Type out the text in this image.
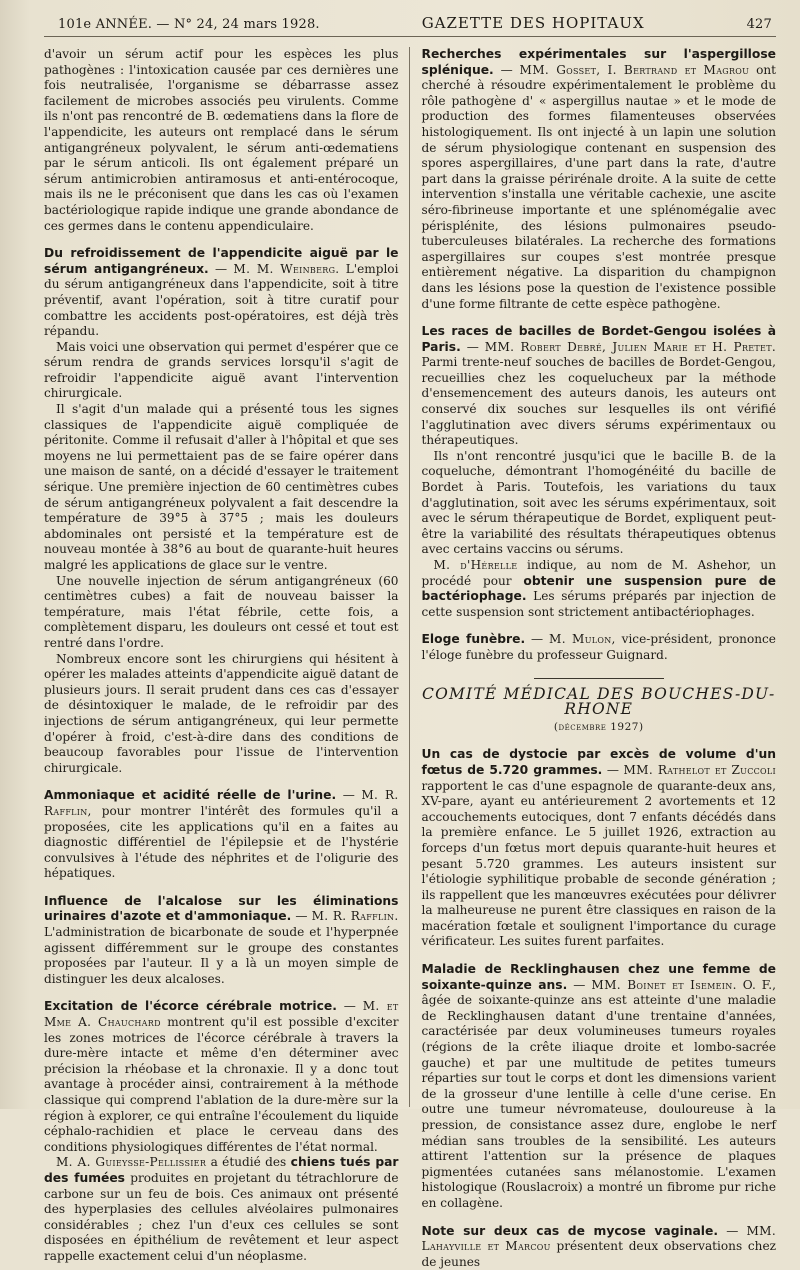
101e ANNÉE. — N° 24, 24 mars 1928.	GAZETTE DES HOPITAUX	427

d'avoir un sérum actif pour les espèces les plus pathogènes : l'intoxication causée par ces dernières une fois neutralisée, l'organisme se débarrasse assez facilement de microbes associés peu virulents. Comme ils n'ont pas rencontré de B. œdematiens dans la flore de l'appendicite, les auteurs ont remplacé dans le sérum antigangréneux polyvalent, le sérum anti-œdematiens par le sérum anticoli. Ils ont également préparé un sérum antimicrobien antiramosus et anti-entérocoque, mais ils ne le préconisent que dans les cas où l'examen bactériologique rapide indique une grande abondance de ces germes dans le contenu appendiculaire.

Du refroidissement de l'appendicite aiguë par le sérum antigangréneux. — M. M. Weinberg. L'emploi du sérum antigangréneux dans l'appendicite, soit à titre préventif, avant l'opération, soit à titre curatif pour combattre les accidents post-opératoires, est déjà très répandu.

Mais voici une observation qui permet d'espérer que ce sérum rendra de grands services lorsqu'il s'agit de refroidir l'appendicite aiguë avant l'intervention chirurgicale.

Il s'agit d'un malade qui a présenté tous les signes classiques de l'appendicite aiguë compliquée de péritonite. Comme il refusait d'aller à l'hôpital et que ses moyens ne lui permettaient pas de se faire opérer dans une maison de santé, on a décidé d'essayer le traitement sérique. Une première injection de 60 centimètres cubes de sérum antigangréneux polyvalent a fait descendre la température de 39°5 à 37°5 ; mais les douleurs abdominales ont persisté et la température est de nouveau montée à 38°6 au bout de quarante-huit heures malgré les applications de glace sur le ventre.

Une nouvelle injection de sérum antigangréneux (60 centimètres cubes) a fait de nouveau baisser la température, mais l'état fébrile, cette fois, a complètement disparu, les douleurs ont cessé et tout est rentré dans l'ordre.

Nombreux encore sont les chirurgiens qui hésitent à opérer les malades atteints d'appendicite aiguë datant de plusieurs jours. Il serait prudent dans ces cas d'essayer de désintoxiquer le malade, de le refroidir par des injections de sérum antigangréneux, qui leur permette d'opérer à froid, c'est-à-dire dans des conditions de beaucoup favorables pour l'issue de l'intervention chirurgicale.

Ammoniaque et acidité réelle de l'urine. — M. R. Rafflin, pour montrer l'intérêt des formules qu'il a proposées, cite les applications qu'il en a faites au diagnostic différentiel de l'épilepsie et de l'hystérie convulsives à l'étude des néphrites et de l'oligurie des hépatiques.

Influence de l'alcalose sur les éliminations urinaires d'azote et d'ammoniaque. — M. R. Rafflin. L'administration de bicarbonate de soude et l'hyperpnée agissent différemment sur le groupe des constantes proposées par l'auteur. Il y a là un moyen simple de distinguer les deux alcaloses.

Excitation de l'écorce cérébrale motrice. — M. et Mme A. Chauchard montrent qu'il est possible d'exciter les zones motrices de l'écorce cérébrale à travers la dure-mère intacte et même d'en déterminer avec précision la rhéobase et la chronaxie. Il y a donc tout avantage à procéder ainsi, contrairement à la méthode classique qui comprend l'ablation de la dure-mère sur la région à explorer, ce qui entraîne l'écoulement du liquide céphalo-rachidien et place le cerveau dans des conditions physiologiques différentes de l'état normal.

M. A. Guieysse-Pellissier a étudié des chiens tués par des fumées produites en projetant du tétrachlorure de carbone sur un feu de bois. Ces animaux ont présenté des hyperplasies des cellules alvéolaires pulmonaires considérables ; chez l'un d'eux ces cellules se sont disposées en épithélium de revêtement et leur aspect rappelle exactement celui d'un néoplasme.

Recherches expérimentales sur l'aspergillose splénique. — MM. Gosset, I. Bertrand et Magrou ont cherché à résoudre expérimentalement le problème du rôle pathogène d' « aspergillus nautae » et le mode de production des formes filamenteuses observées histologiquement. Ils ont injecté à un lapin une solution de sérum physiologique contenant en suspension des spores aspergillaires, d'une part dans la rate, d'autre part dans la graisse périrénale droite. A la suite de cette intervention s'installa une véritable cachexie, une ascite séro-fibrineuse importante et une splénomégalie avec périsplénite, des lésions pulmonaires pseudo-tuberculeuses bilatérales. La recherche des formations aspergillaires sur coupes s'est montrée presque entièrement négative. La disparition du champignon dans les lésions pose la question de l'existence possible d'une forme filtrante de cette espèce pathogène.

Les races de bacilles de Bordet-Gengou isolées à Paris. — MM. Robert Debré, Julien Marie et H. Pretet. Parmi trente-neuf souches de bacilles de Bordet-Gengou, recueillies chez les coquelucheux par la méthode d'ensemencement des auteurs danois, les auteurs ont conservé dix souches sur lesquelles ils ont vérifié l'agglutination avec divers sérums expérimentaux ou thérapeutiques.

Ils n'ont rencontré jusqu'ici que le bacille B. de la coqueluche, démontrant l'homogénéité du bacille de Bordet à Paris. Toutefois, les variations du taux d'agglutination, soit avec les sérums expérimentaux, soit avec le sérum thérapeutique de Bordet, expliquent peut-être la variabilité des résultats thérapeutiques obtenus avec certains vaccins ou sérums.

M. d'Hérelle indique, au nom de M. Ashehor, un procédé pour obtenir une suspension pure de bactériophage. Les sérums préparés par injection de cette suspension sont strictement antibactériophages.

Eloge funèbre. — M. Mulon, vice-président, prononce l'éloge funèbre du professeur Guignard.

COMITÉ MÉDICAL DES BOUCHES-DU-RHONE
(décembre 1927)

Un cas de dystocie par excès de volume d'un fœtus de 5.720 grammes. — MM. Rathelot et Zuccoli rapportent le cas d'une espagnole de quarante-deux ans, XV-pare, ayant eu antérieurement 2 avortements et 12 accouchements eutociques, dont 7 enfants décédés dans la première enfance. Le 5 juillet 1926, extraction au forceps d'un fœtus mort depuis quarante-huit heures et pesant 5.720 grammes. Les auteurs insistent sur l'étiologie syphilitique probable de seconde génération ; ils rappellent que les manœuvres exécutées pour délivrer la malheureuse ne purent être classiques en raison de la macération fœtale et soulignent l'importance du curage vérificateur. Les suites furent parfaites.

Maladie de Recklinghausen chez une femme de soixante-quinze ans. — MM. Boinet et Isemein. O. F., âgée de soixante-quinze ans est atteinte d'une maladie de Recklinghausen datant d'une trentaine d'années, caractérisée par deux volumineuses tumeurs royales (régions de la crête iliaque droite et lombo-sacrée gauche) et par une multitude de petites tumeurs réparties sur tout le corps et dont les dimensions varient de la grosseur d'une lentille à celle d'une cerise. En outre une tumeur névromateuse, douloureuse à la pression, de consistance assez dure, englobe le nerf médian sans troubles de la sensibilité. Les auteurs attirent l'attention sur la présence de plaques pigmentées cutanées sans mélanostomie. L'examen histologique (Rouslacroix) a montré un fibrome pur riche en collagène.

Note sur deux cas de mycose vaginale. — MM. Lahayville et Marcou présentent deux observations chez de jeunes
